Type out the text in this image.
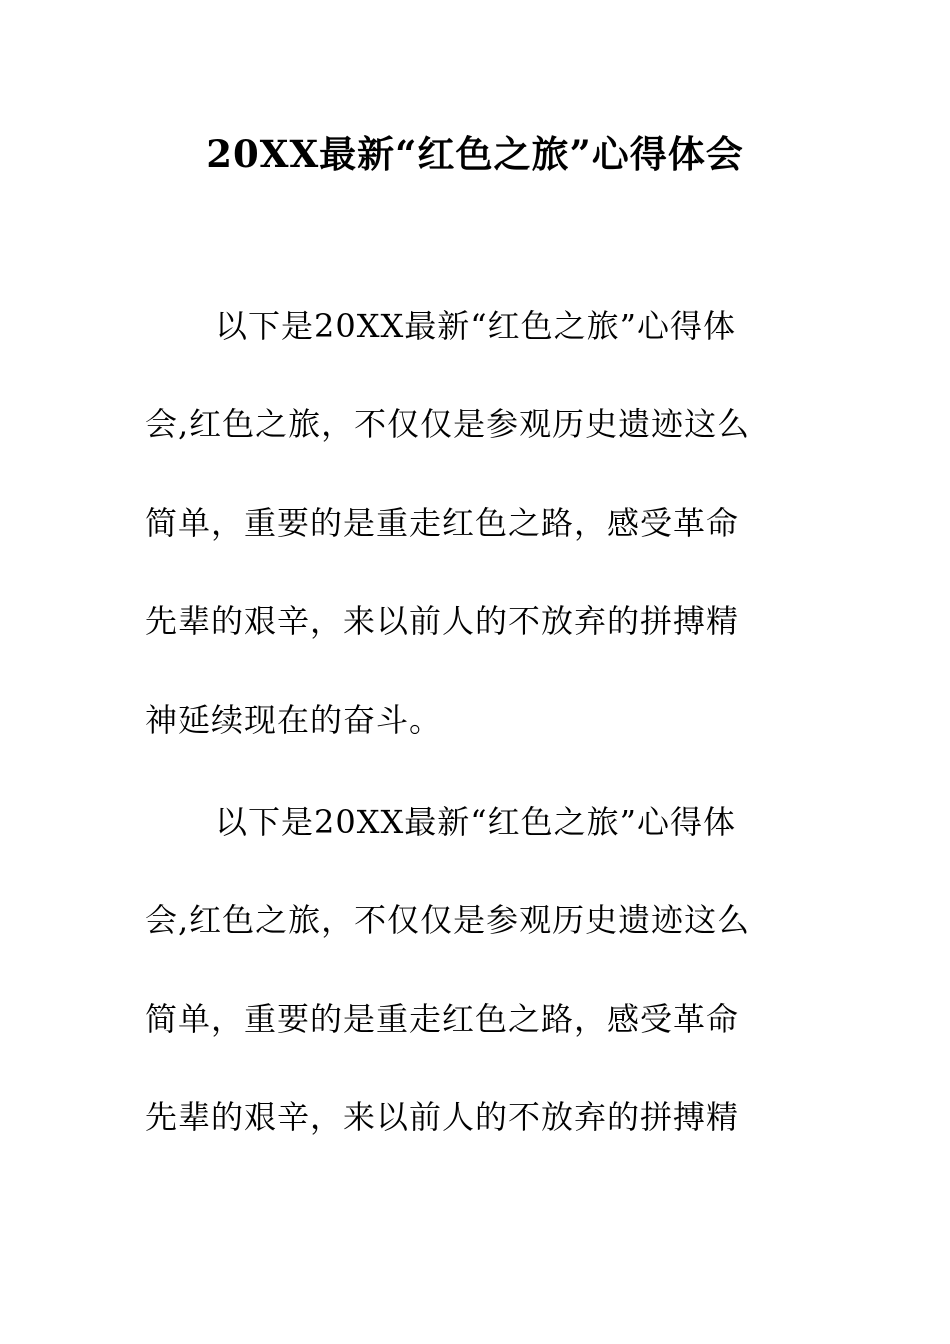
20XX最新“红色之旅”心得体会
以下是20XX最新“红色之旅”心得体
会,红色之旅，不仅仅是参观历史遗迹这么
简单，重要的是重走红色之路，感受革命
先辈的艰辛，来以前人的不放弃的拼搏精
神延续现在的奋斗。
以下是20XX最新“红色之旅”心得体
会,红色之旅，不仅仅是参观历史遗迹这么
简单，重要的是重走红色之路，感受革命
先辈的艰辛，来以前人的不放弃的拼搏精
